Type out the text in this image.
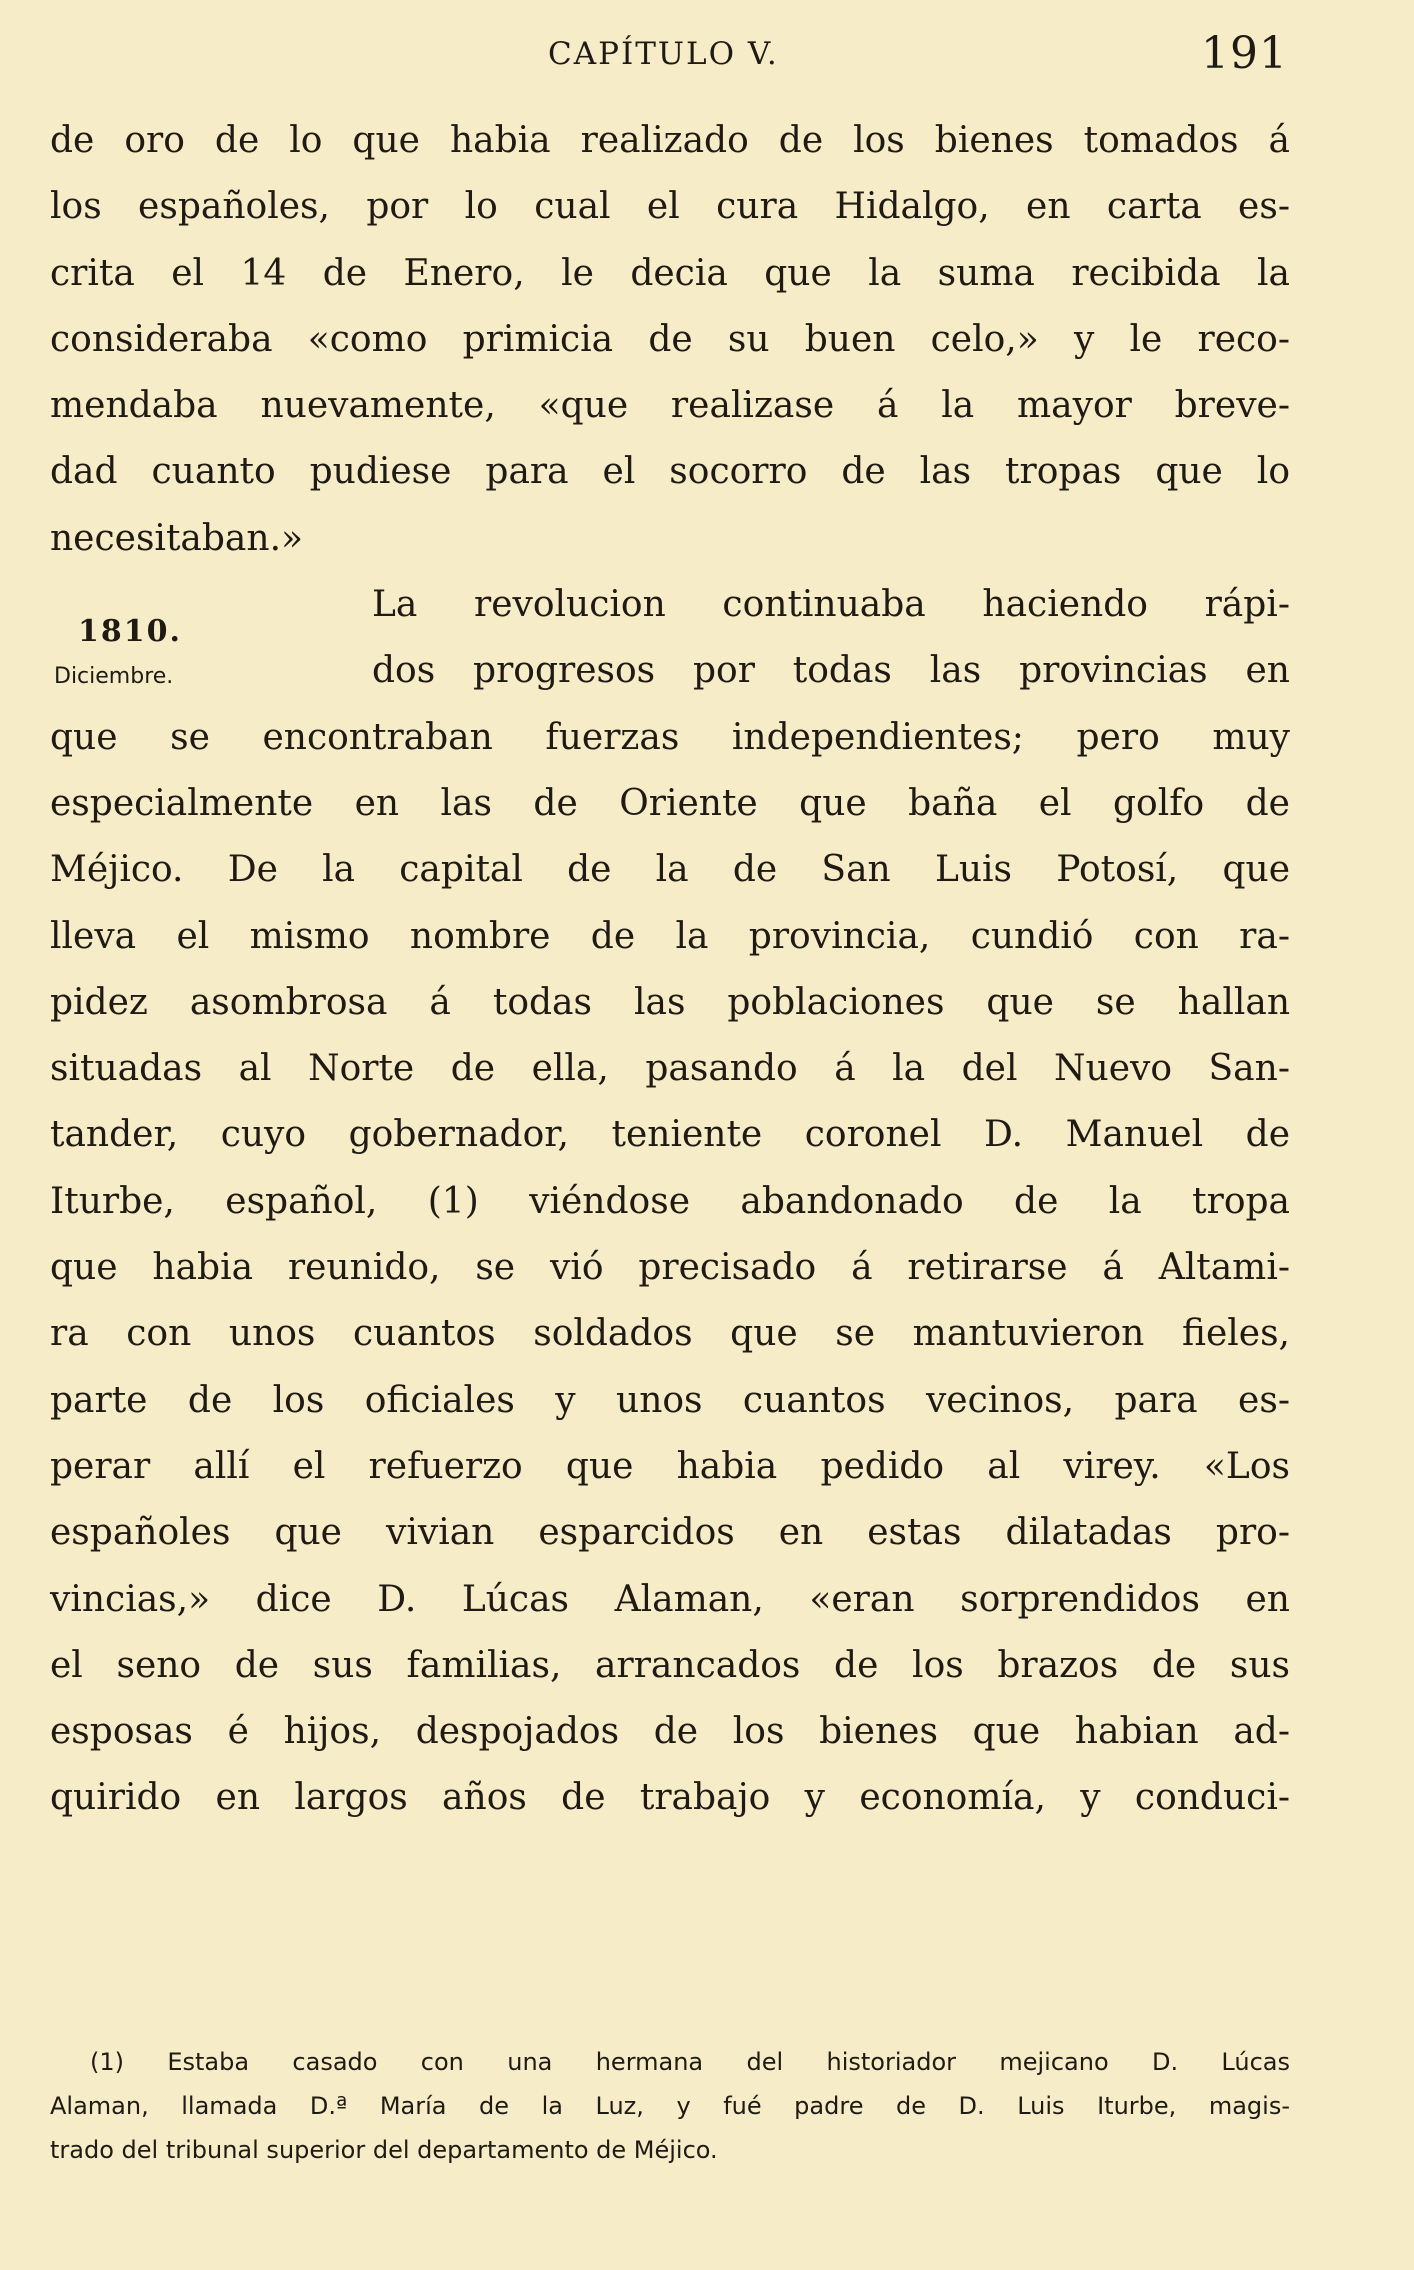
CAPÍTULO V.	191
1810.
Diciembre.
de oro de lo que habia realizado de los bienes tomados á
los españoles, por lo cual el cura Hidalgo, en carta es-
crita el 14 de Enero, le decia que la suma recibida la
consideraba «como primicia de su buen celo,» y le reco-
mendaba nuevamente, «que realizase á la mayor breve-
dad cuanto pudiese para el socorro de las tropas que lo
necesitaban.»
La revolucion continuaba haciendo rápi-
dos progresos por todas las provincias en
que se encontraban fuerzas independientes; pero muy
especialmente en las de Oriente que baña el golfo de
Méjico. De la capital de la de San Luis Potosí, que
lleva el mismo nombre de la provincia, cundió con ra-
pidez asombrosa á todas las poblaciones que se hallan
situadas al Norte de ella, pasando á la del Nuevo San-
tander, cuyo gobernador, teniente coronel D. Manuel de
Iturbe, español, (1) viéndose abandonado de la tropa
que habia reunido, se vió precisado á retirarse á Altami-
ra con unos cuantos soldados que se mantuvieron fieles,
parte de los oficiales y unos cuantos vecinos, para es-
perar allí el refuerzo que habia pedido al virey. «Los
españoles que vivian esparcidos en estas dilatadas pro-
vincias,» dice D. Lúcas Alaman, «eran sorprendidos en
el seno de sus familias, arrancados de los brazos de sus
esposas é hijos, despojados de los bienes que habian ad-
quirido en largos años de trabajo y economía, y conduci-
(1) Estaba casado con una hermana del historiador mejicano D. Lúcas
Alaman, llamada D.ª María de la Luz, y fué padre de D. Luis Iturbe, magis-
trado del tribunal superior del departamento de Méjico.
